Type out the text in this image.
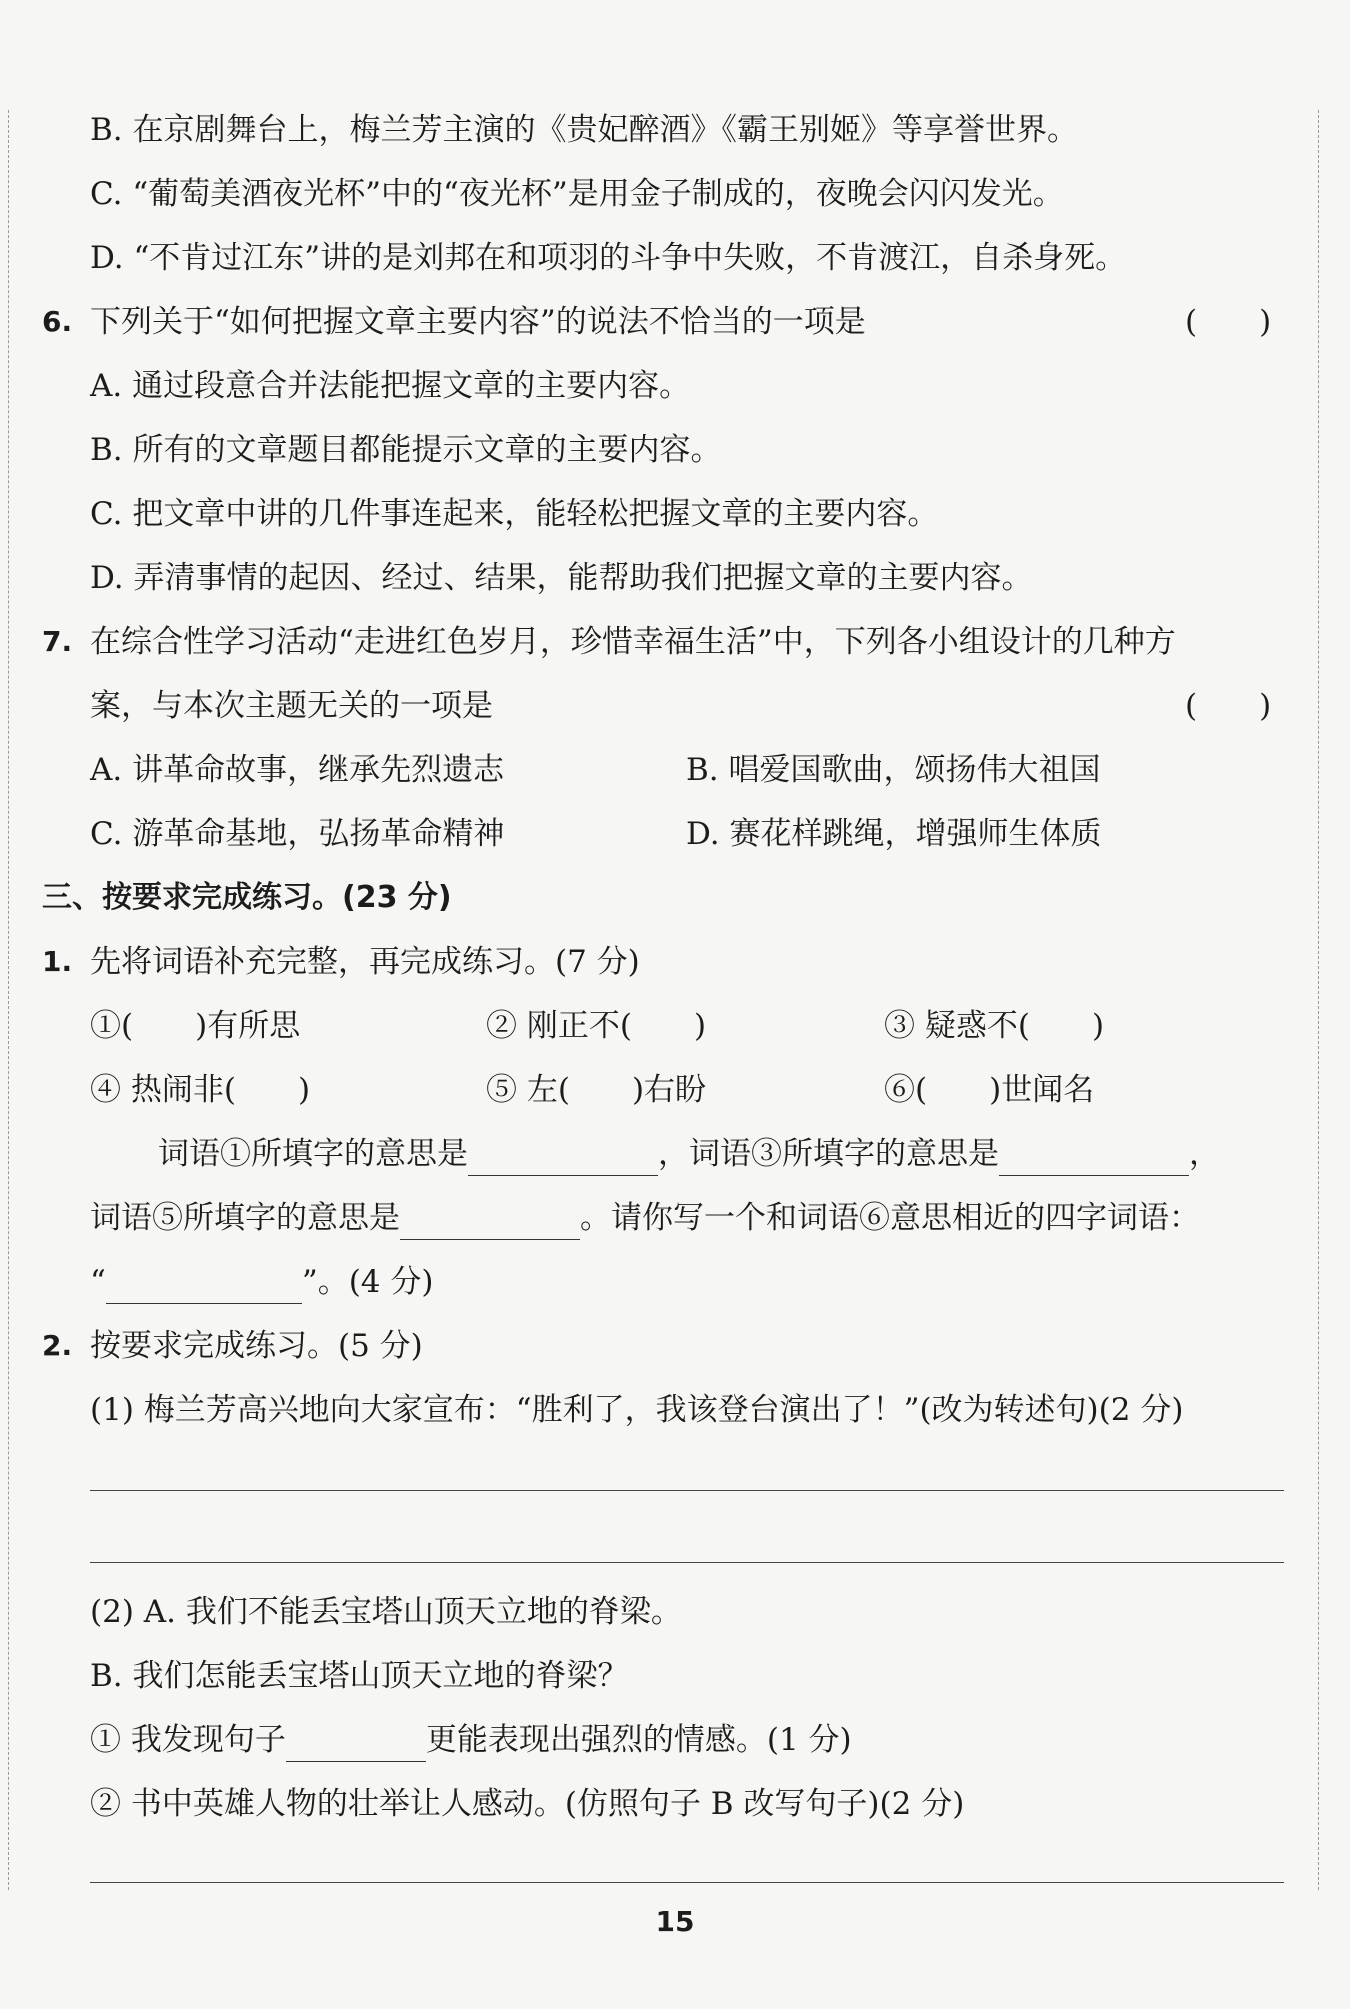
B. 在京剧舞台上，梅兰芳主演的《贵妃醉酒》《霸王别姬》等享誉世界。
C. “葡萄美酒夜光杯”中的“夜光杯”是用金子制成的，夜晚会闪闪发光。
D. “不肯过江东”讲的是刘邦在和项羽的斗争中失败，不肯渡江，自杀身死。
6. 下列关于“如何把握文章主要内容”的说法不恰当的一项是	(　　)
A. 通过段意合并法能把握文章的主要内容。
B. 所有的文章题目都能提示文章的主要内容。
C. 把文章中讲的几件事连起来，能轻松把握文章的主要内容。
D. 弄清事情的起因、经过、结果，能帮助我们把握文章的主要内容。
7. 在综合性学习活动“走进红色岁月，珍惜幸福生活”中，下列各小组设计的几种方
案，与本次主题无关的一项是	(　　)
A. 讲革命故事，继承先烈遗志	B. 唱爱国歌曲，颂扬伟大祖国
C. 游革命基地，弘扬革命精神	D. 赛花样跳绳，增强师生体质
三、按要求完成练习。(23 分)
1. 先将词语补充完整，再完成练习。(7 分)
①(　　)有所思	② 刚正不(　　)	③ 疑惑不(　　)
④ 热闹非(　　)	⑤ 左(　　)右盼	⑥(　　)世闻名
词语①所填字的意思是	，词语③所填字的意思是	，
词语⑤所填字的意思是	。请你写一个和词语⑥意思相近的四字词语：
“	”。(4 分)
2. 按要求完成练习。(5 分)
(1) 梅兰芳高兴地向大家宣布：“胜利了，我该登台演出了！”(改为转述句)(2 分)
(2) A. 我们不能丢宝塔山顶天立地的脊梁。
B. 我们怎能丢宝塔山顶天立地的脊梁？
① 我发现句子	更能表现出强烈的情感。(1 分)
② 书中英雄人物的壮举让人感动。(仿照句子 B 改写句子)(2 分)
15
